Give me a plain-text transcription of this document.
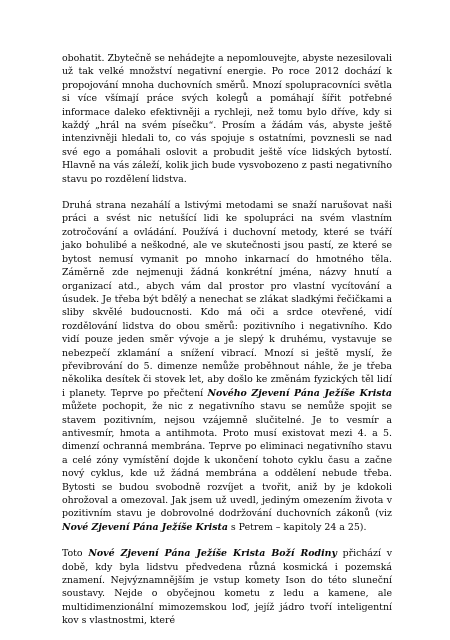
obohatit. Zbytečně se nehádejte a nepomlouvejte, abyste nezesilovali už tak velké množství negativní energie. Po roce 2012 dochází k propojování mnoha duchovních směrů. Mnozí spolupracovníci světla si více všímají práce svých kolegů a pomáhají šířit potřebné informace daleko efektivněji a rychleji, než tomu bylo dříve, kdy si každý „hrál na svém písečku“. Prosím a žádám vás, abyste ještě intenzivněji hledali to, co vás spojuje s ostatními, povznesli se nad své ego a pomáhali oslovit a probudit ještě více lidských bytostí. Hlavně na vás záleží, kolik jich bude vysvobozeno z pasti negativního stavu po rozdělení lidstva.

Druhá strana nezahálí a lstivými metodami se snaží narušovat naši práci a svést nic netušící lidi ke spolupráci na svém vlastním zotročování a ovládání. Používá i duchovní metody, které se tváří jako bohulibé a neškodné, ale ve skutečnosti jsou pastí, ze které se bytost nemusí vymanit po mnoho inkarnací do hmotného těla. Záměrně zde nejmenuji žádná konkrétní jména, názvy hnutí a organizací atd., abych vám dal prostor pro vlastní vycítování a úsudek. Je třeba být bdělý a nenechat se zlákat sladkými řečičkami a sliby skvělé budoucnosti. Kdo má oči a srdce otevřené, vidí rozdělování lidstva do obou směrů: pozitivního i negativního. Kdo vidí pouze jeden směr vývoje a je slepý k druhému, vystavuje se nebezpečí zklamání a snížení vibrací. Mnozí si ještě myslí, že převibrování do 5. dimenze nemůže proběhnout náhle, že je třeba několika desítek či stovek let, aby došlo ke změnám fyzických těl lidí i planety. Teprve po přečtení Nového Zjevení Pána Ježíše Krista můžete pochopit, že nic z negativního stavu se nemůže spojit se stavem pozitivním, nejsou vzájemně slučitelné. Je to vesmír a antivesmír, hmota a antihmota. Proto musí existovat mezi 4. a 5. dimenzí ochranná membrána. Teprve po eliminaci negativního stavu a celé zóny vymístění dojde k ukončení tohoto cyklu času a začne nový cyklus, kde už žádná membrána a oddělení nebude třeba. Bytosti se budou svobodně rozvíjet a tvořit, aniž by je kdokoli ohrožoval a omezoval. Jak jsem už uvedl, jediným omezením života v pozitivním stavu je dobrovolné dodržování duchovních zákonů (viz Nové Zjevení Pána Ježíše Krista s Petrem – kapitoly 24 a 25).

Toto Nové Zjevení Pána Ježíše Krista Boží Rodiny přichází v době, kdy byla lidstvu předvedena různá kosmická i pozemská znamení. Nejvýznamnějším je vstup komety Ison do této sluneční soustavy. Nejde o obyčejnou kometu z ledu a kamene, ale multidimenzionální mimozemskou loď, jejíž jádro tvoří inteligentní kov s vlastnostmi, které
